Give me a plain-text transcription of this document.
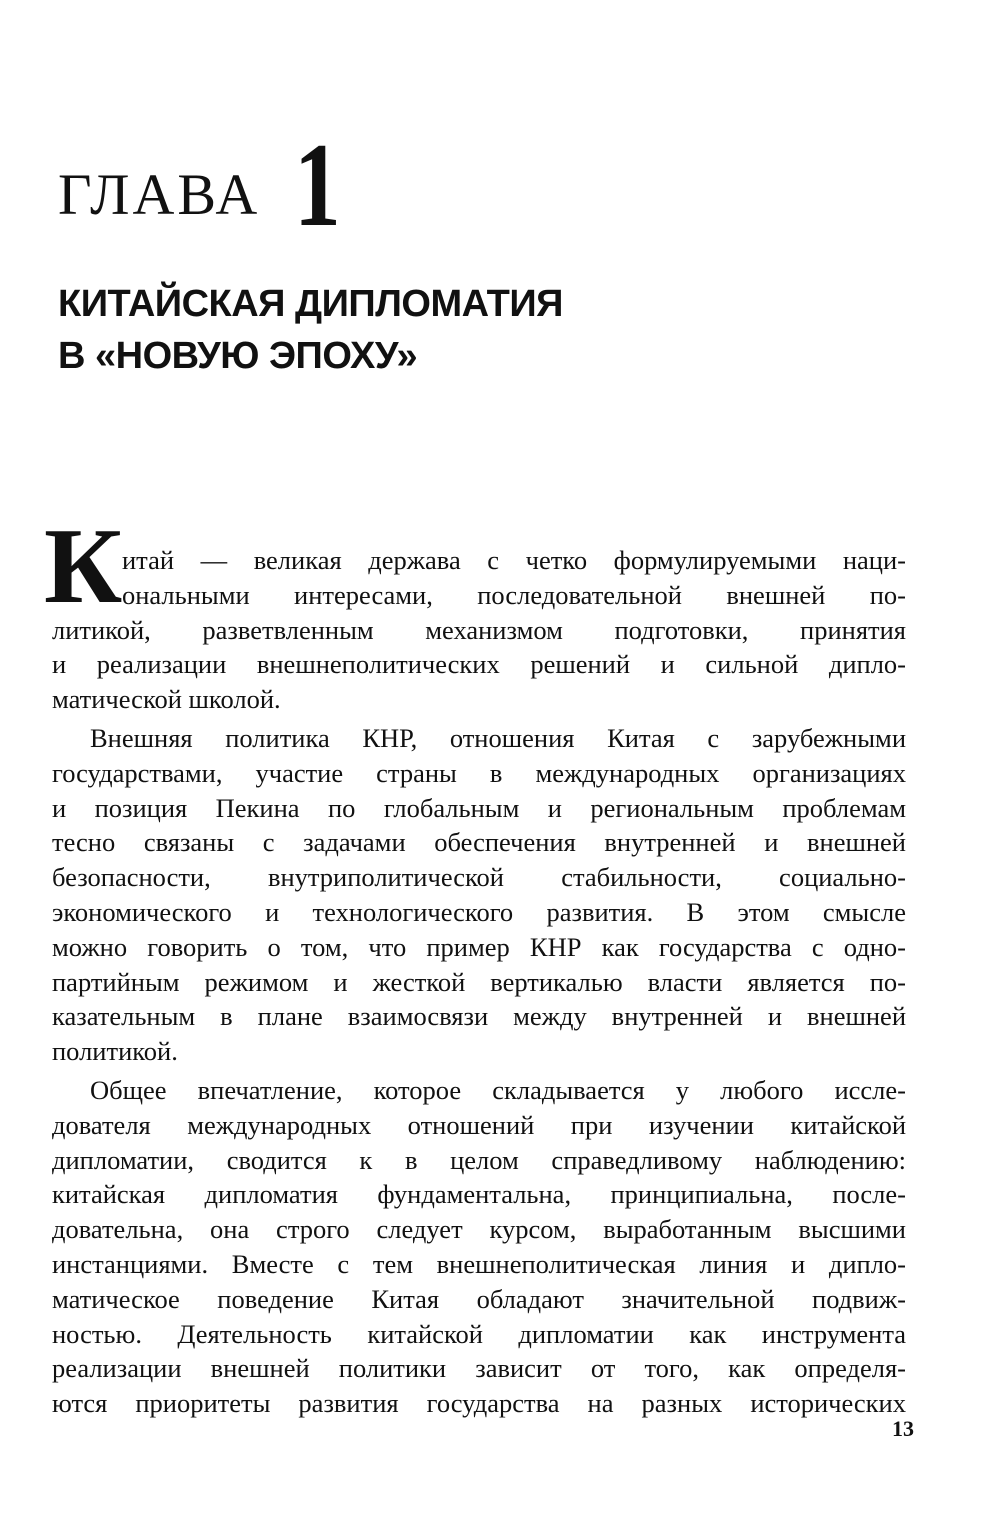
ГЛАВА 1
КИТАЙСКАЯ ДИПЛОМАТИЯ
В «НОВУЮ ЭПОХУ»
К итай — великая держава с четко формулируемыми наци-
ональными интересами, последовательной внешней по-
литикой, разветвленным механизмом подготовки, принятия
и реализации внешнеполитических решений и сильной дипло-
матической школой.
Внешняя политика КНР, отношения Китая с зарубежными
государствами, участие страны в международных организациях
и позиция Пекина по глобальным и региональным проблемам
тесно связаны с задачами обеспечения внутренней и внешней
безопасности, внутриполитической стабильности, социально-
экономического и технологического развития. В этом смысле
можно говорить о том, что пример КНР как государства с одно-
партийным режимом и жесткой вертикалью власти является по-
казательным в плане взаимосвязи между внутренней и внешней
политикой.
Общее впечатление, которое складывается у любого иссле-
дователя международных отношений при изучении китайской
дипломатии, сводится к в целом справедливому наблюдению:
китайская дипломатия фундаментальна, принципиальна, после-
довательна, она строго следует курсом, выработанным высшими
инстанциями. Вместе с тем внешнеполитическая линия и дипло-
матическое поведение Китая обладают значительной подвиж-
ностью. Деятельность китайской дипломатии как инструмента
реализации внешней политики зависит от того, как определя-
ются приоритеты развития государства на разных исторических
13
